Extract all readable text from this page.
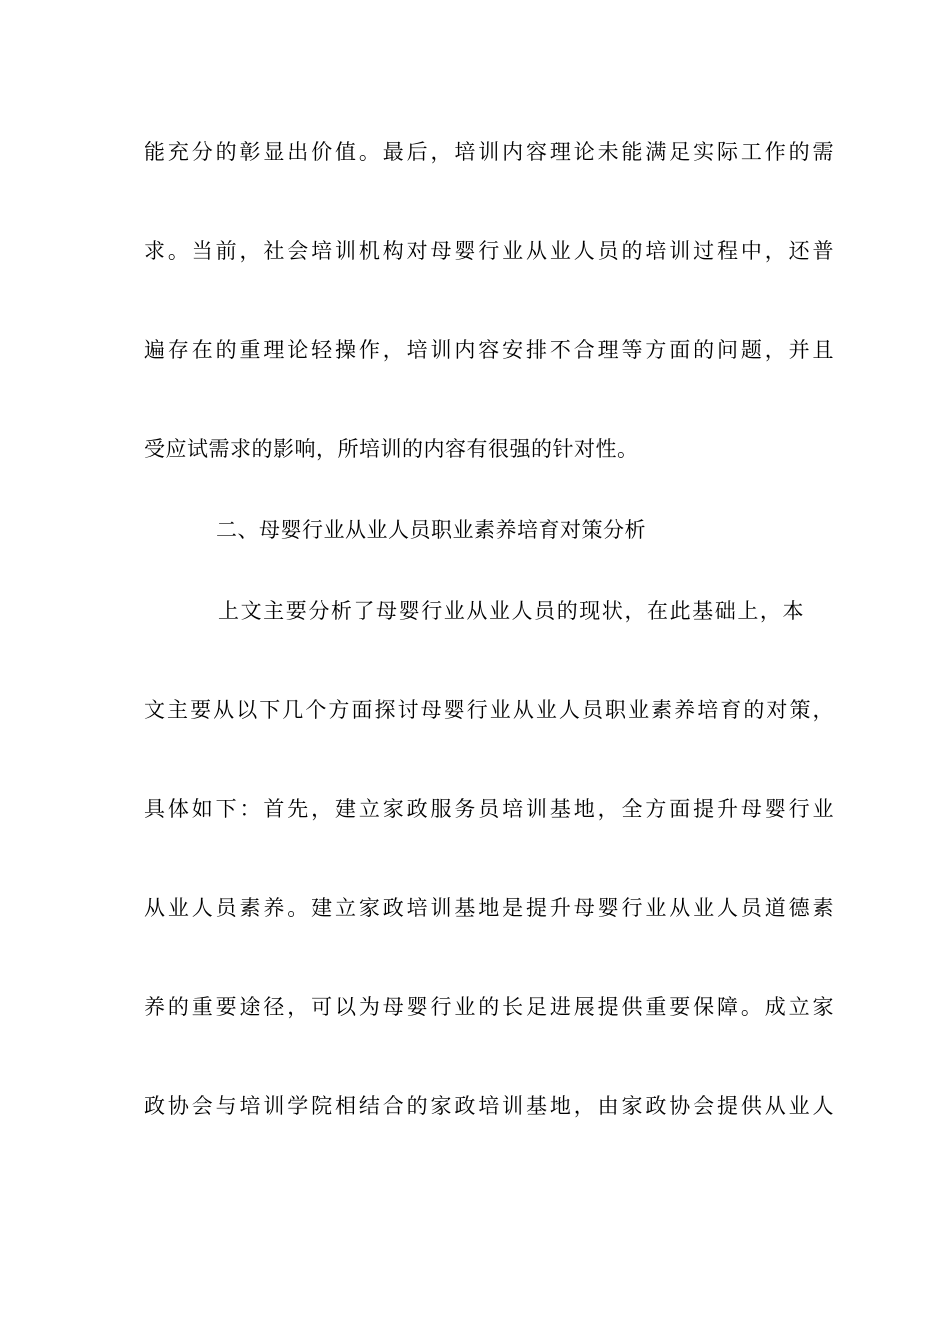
能充分的彰显出价值。最后，培训内容理论未能满足实际工作的需
求。当前，社会培训机构对母婴行业从业人员的培训过程中，还普
遍存在的重理论轻操作，培训内容安排不合理等方面的问题，并且
受应试需求的影响，所培训的内容有很强的针对性。
二、母婴行业从业人员职业素养培育对策分析
上文主要分析了母婴行业从业人员的现状，在此基础上，本
文主要从以下几个方面探讨母婴行业从业人员职业素养培育的对策，
具体如下：首先，建立家政服务员培训基地，全方面提升母婴行业
从业人员素养。建立家政培训基地是提升母婴行业从业人员道德素
养的重要途径，可以为母婴行业的长足进展提供重要保障。成立家
政协会与培训学院相结合的家政培训基地，由家政协会提供从业人
